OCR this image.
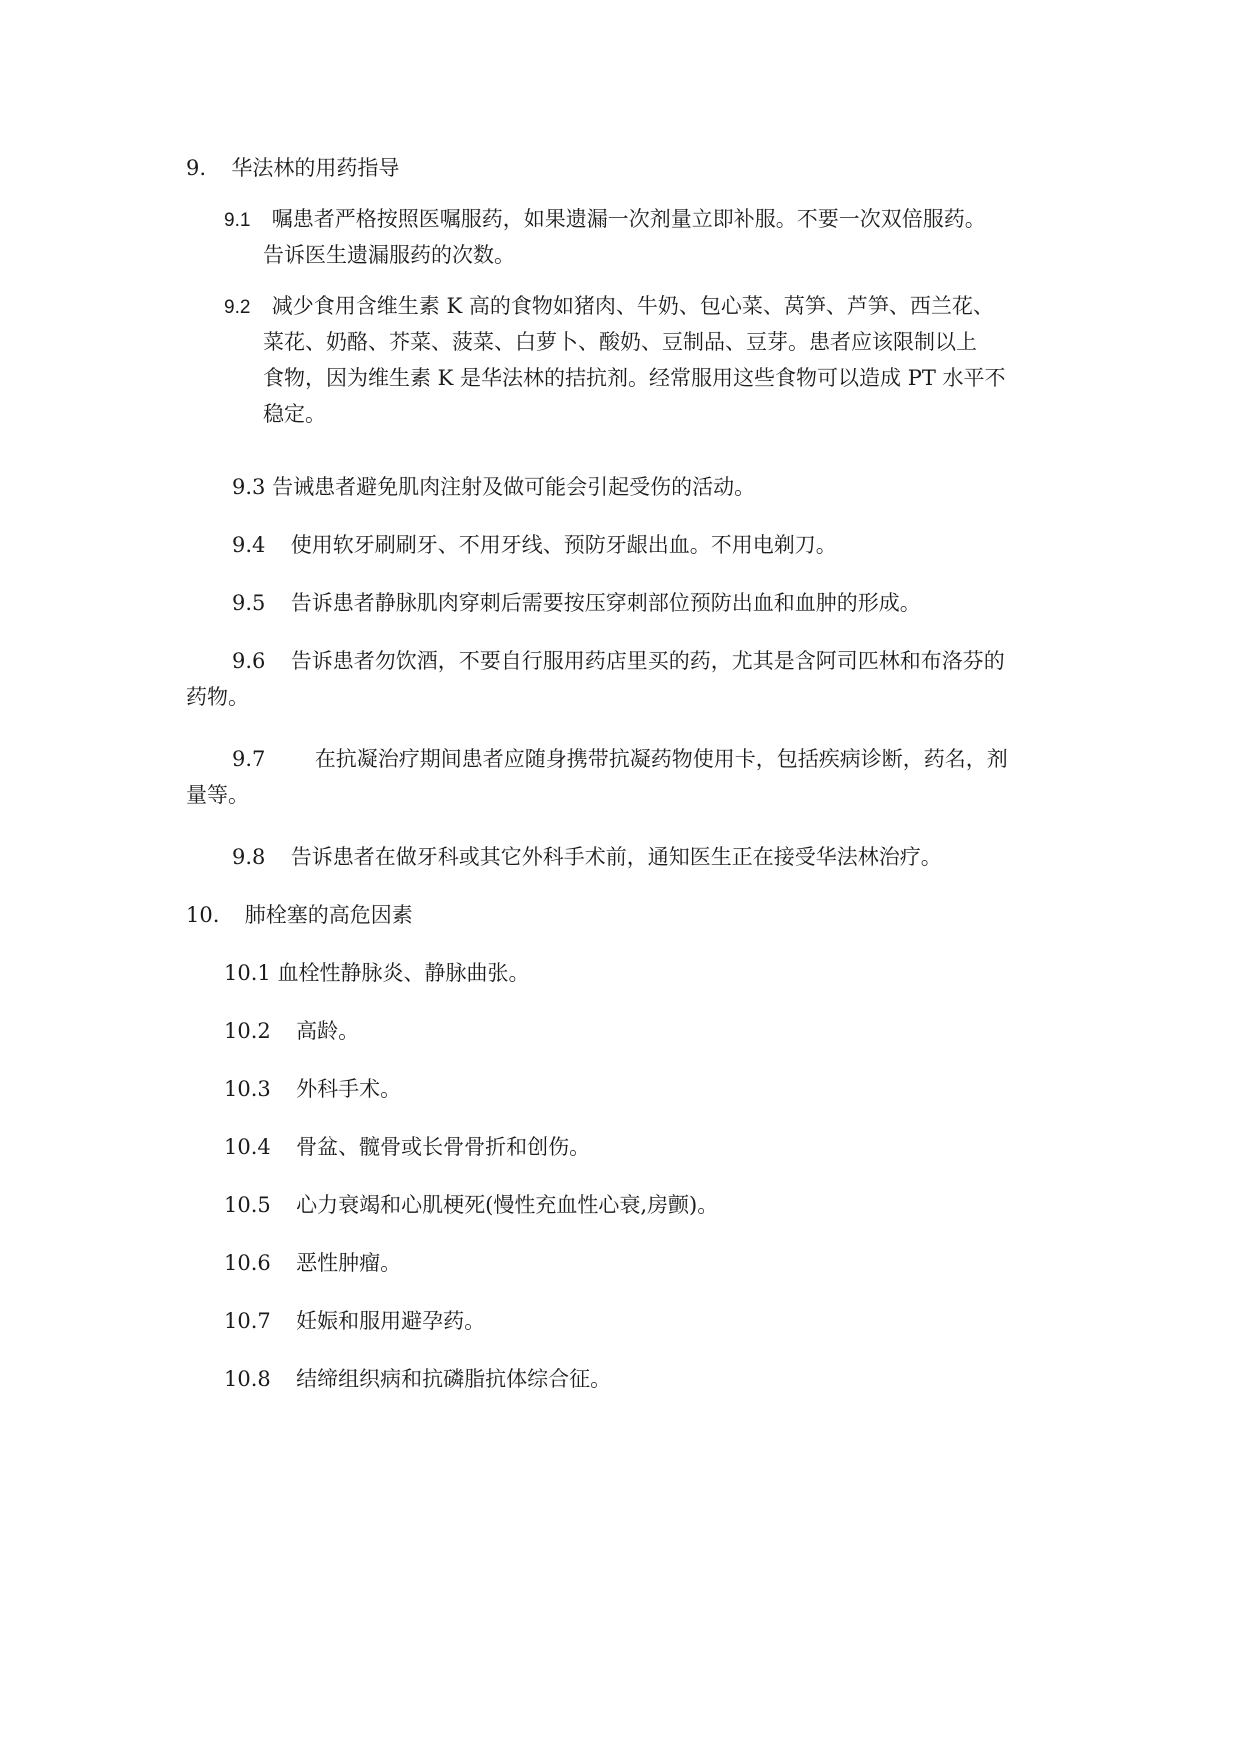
9. 华法林的用药指导
9.1 嘱患者严格按照医嘱服药，如果遗漏一次剂量立即补服。不要一次双倍服药。
告诉医生遗漏服药的次数。
9.2 减少食用含维生素 K 高的食物如猪肉、牛奶、包心菜、莴笋、芦笋、西兰花、
菜花、奶酪、芥菜、菠菜、白萝卜、酸奶、豆制品、豆芽。患者应该限制以上
食物，因为维生素 K 是华法林的拮抗剂。经常服用这些食物可以造成 PT 水平不
稳定。
9.3 告诫患者避免肌肉注射及做可能会引起受伤的活动。
9.4 使用软牙刷刷牙、不用牙线、预防牙龈出血。不用电剃刀。
9.5 告诉患者静脉肌肉穿刺后需要按压穿刺部位预防出血和血肿的形成。
9.6 告诉患者勿饮酒，不要自行服用药店里买的药，尤其是含阿司匹林和布洛芬的
药物。
9.7 在抗凝治疗期间患者应随身携带抗凝药物使用卡，包括疾病诊断，药名，剂
量等。
9.8 告诉患者在做牙科或其它外科手术前，通知医生正在接受华法林治疗。
10. 肺栓塞的高危因素
10.1 血栓性静脉炎、静脉曲张。
10.2 高龄。
10.3 外科手术。
10.4 骨盆、髋骨或长骨骨折和创伤。
10.5 心力衰竭和心肌梗死(慢性充血性心衰,房颤)。
10.6 恶性肿瘤。
10.7 妊娠和服用避孕药。
10.8 结缔组织病和抗磷脂抗体综合征。
